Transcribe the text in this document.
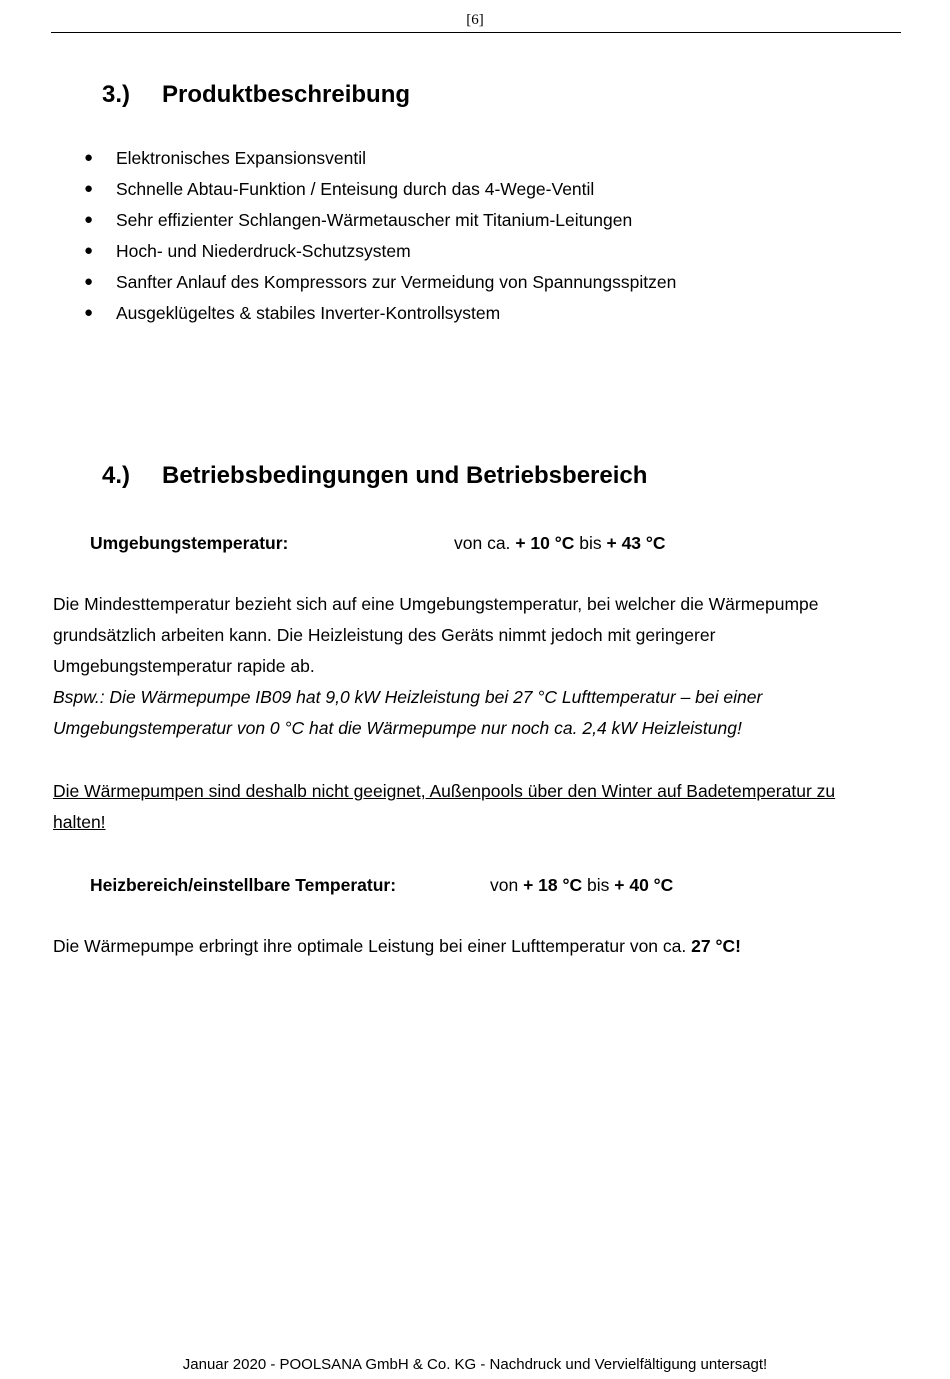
[6]
3.) Produktbeschreibung
● Elektronisches Expansionsventil
● Schnelle Abtau-Funktion / Enteisung durch das 4-Wege-Ventil
● Sehr effizienter Schlangen-Wärmetauscher mit Titanium-Leitungen
● Hoch- und Niederdruck-Schutzsystem
● Sanfter Anlauf des Kompressors zur Vermeidung von Spannungsspitzen
● Ausgeklügeltes & stabiles Inverter-Kontrollsystem
4.) Betriebsbedingungen und Betriebsbereich
Umgebungstemperatur:	von ca. + 10 °C bis + 43 °C

Die Mindesttemperatur bezieht sich auf eine Umgebungstemperatur, bei welcher die Wärmepumpe grundsätzlich arbeiten kann. Die Heizleistung des Geräts nimmt jedoch mit geringerer Umgebungstemperatur rapide ab.

Bspw.: Die Wärmepumpe IB09 hat 9,0 kW Heizleistung bei 27 °C Lufttemperatur – bei einer Umgebungstemperatur von 0 °C hat die Wärmepumpe nur noch ca. 2,4 kW Heizleistung!

Die Wärmepumpen sind deshalb nicht geeignet, Außenpools über den Winter auf Badetemperatur zu halten!

Heizbereich/einstellbare Temperatur:	von + 18 °C bis + 40 °C

Die Wärmepumpe erbringt ihre optimale Leistung bei einer Lufttemperatur von ca. 27 °C!

Januar 2020 - POOLSANA GmbH & Co. KG - Nachdruck und Vervielfältigung untersagt!
